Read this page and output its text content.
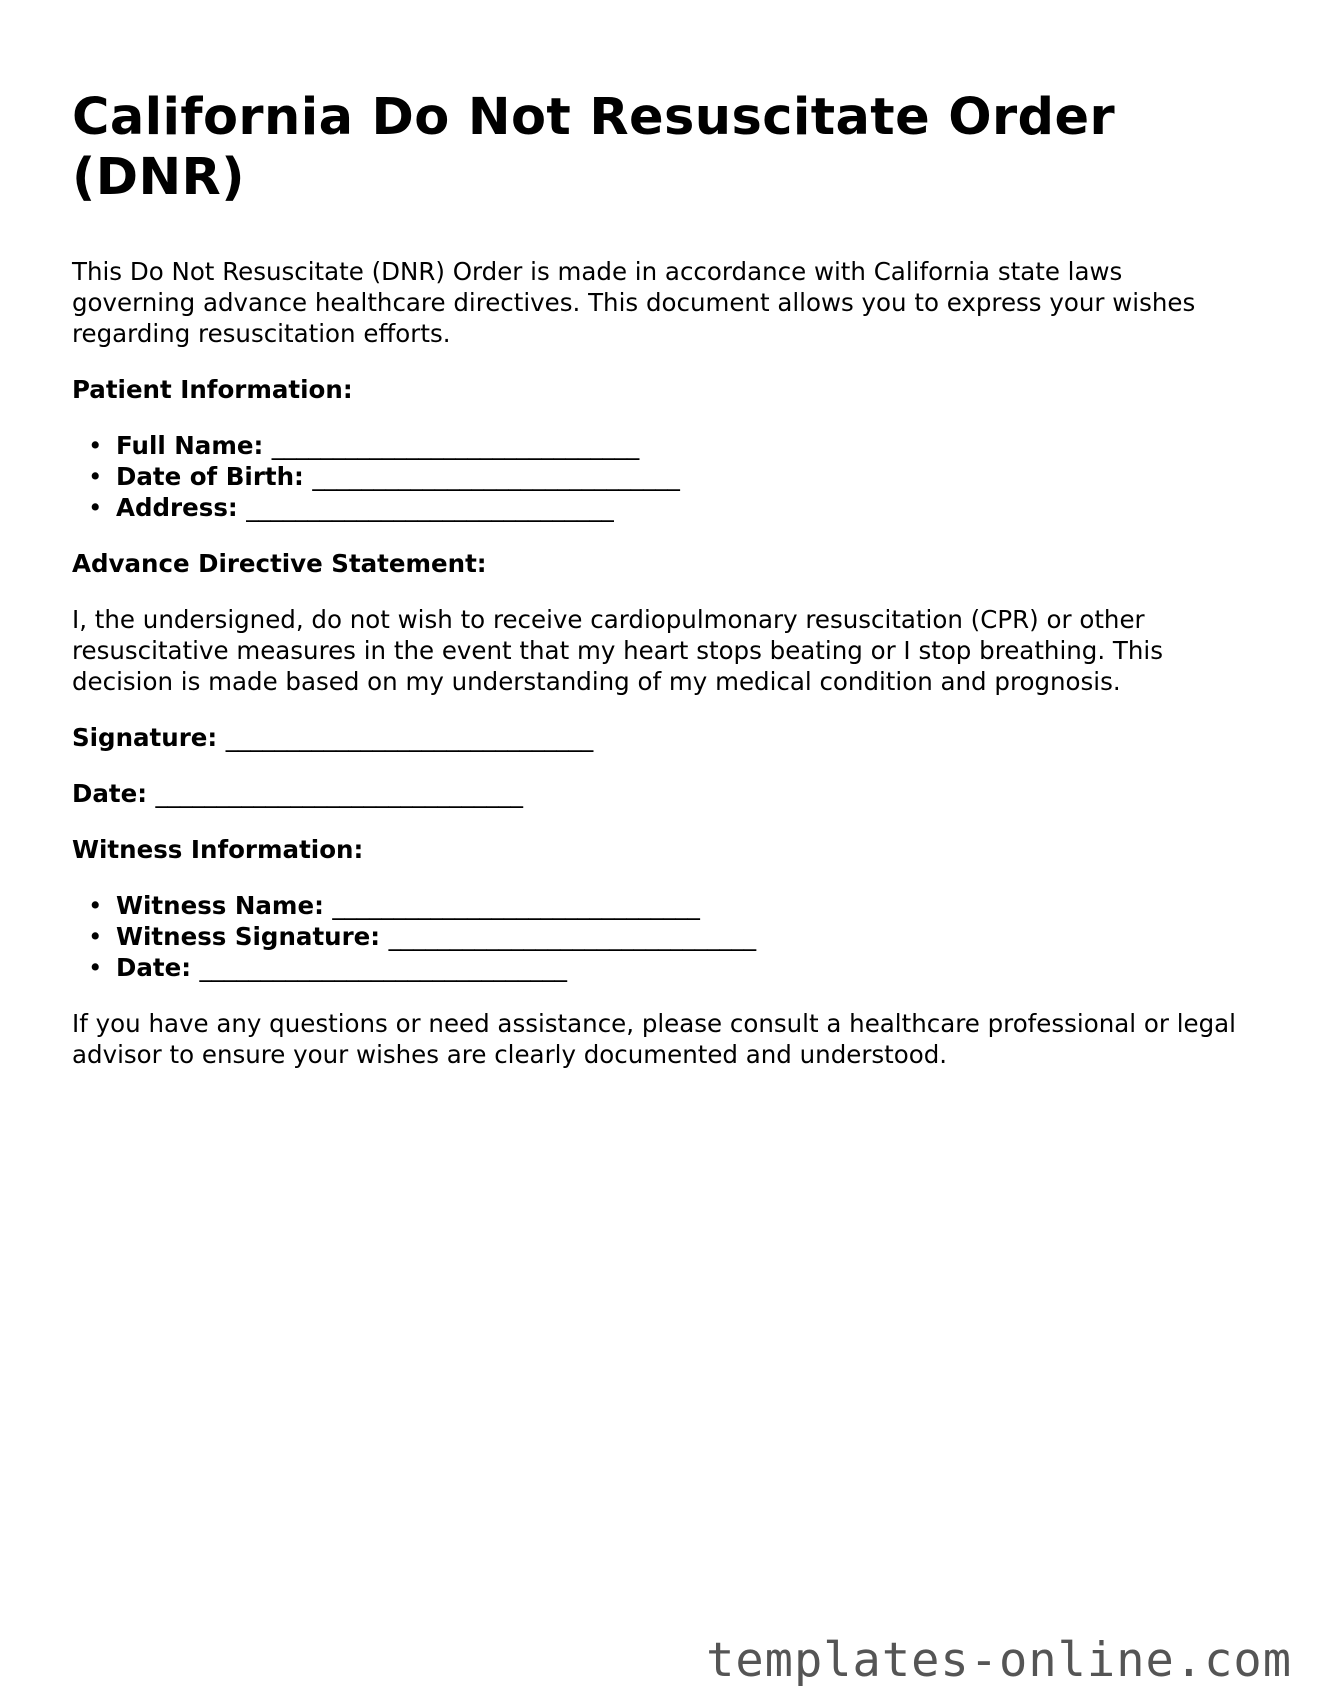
California Do Not Resuscitate Order (DNR)

This Do Not Resuscitate (DNR) Order is made in accordance with California state laws governing advance healthcare directives. This document allows you to express your wishes regarding resuscitation efforts.

Patient Information:

• Full Name: ______________________________
• Date of Birth: ______________________________
• Address: ______________________________

Advance Directive Statement:

I, the undersigned, do not wish to receive cardiopulmonary resuscitation (CPR) or other resuscitative measures in the event that my heart stops beating or I stop breathing. This decision is made based on my understanding of my medical condition and prognosis.

Signature: ______________________________

Date: ______________________________

Witness Information:

• Witness Name: ______________________________
• Witness Signature: ______________________________
• Date: ______________________________

If you have any questions or need assistance, please consult a healthcare professional or legal advisor to ensure your wishes are clearly documented and understood.

templates-online.com
